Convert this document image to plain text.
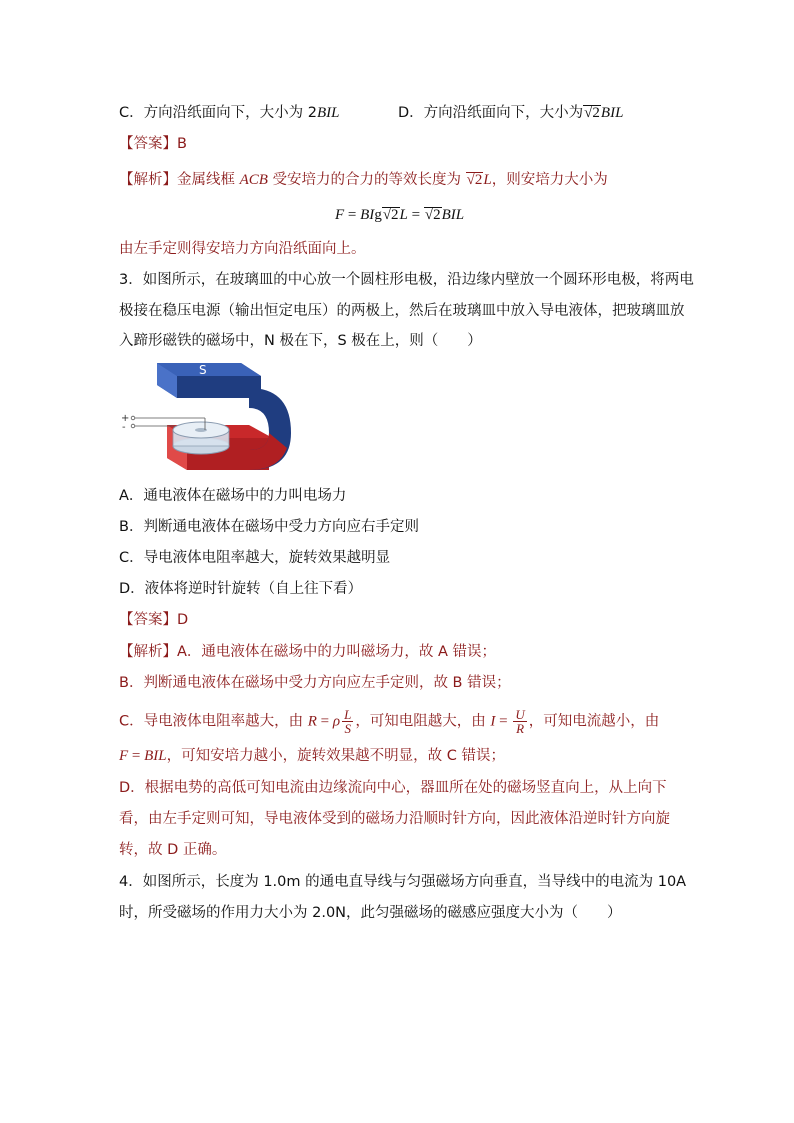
C．方向沿纸面向下，大小为 2BIL	D．方向沿纸面向下，大小为√2BIL
【答案】B
【解析】金属线框 ACB 受安培力的合力的等效长度为 √2L，则安培力大小为
F = BIg√2L = √2BIL
由左手定则得安培力方向沿纸面向上。
3．如图所示，在玻璃皿的中心放一个圆柱形电极，沿边缘内壁放一个圆环形电极，将两电
极接在稳压电源（输出恒定电压）的两极上，然后在玻璃皿中放入导电液体，把玻璃皿放
入蹄形磁铁的磁场中，N 极在下，S 极在上，则（　　）
S
+
-
A．通电液体在磁场中的力叫电场力
B．判断通电液体在磁场中受力方向应右手定则
C．导电液体电阻率越大，旋转效果越明显
D．液体将逆时针旋转（自上往下看）
【答案】D
【解析】A．通电液体在磁场中的力叫磁场力，故 A 错误；
B．判断通电液体在磁场中受力方向应左手定则，故 B 错误；
C．导电液体电阻率越大，由 R = ρ $\frac{L}{S}$ ，可知电阻越大，由 $I = \frac{U}{R}$ ，可知电流越小，由
F = BIL，可知安培力越小，旋转效果越不明显，故 C 错误；
D．根据电势的高低可知电流由边缘流向中心，器皿所在处的磁场竖直向上，从上向下
看，由左手定则可知，导电液体受到的磁场力沿顺时针方向，因此液体沿逆时针方向旋
转，故 D 正确。
4．如图所示，长度为 1.0m 的通电直导线与匀强磁场方向垂直，当导线中的电流为 10A
时，所受磁场的作用力大小为 2.0N，此匀强磁场的磁感应强度大小为（　　）
